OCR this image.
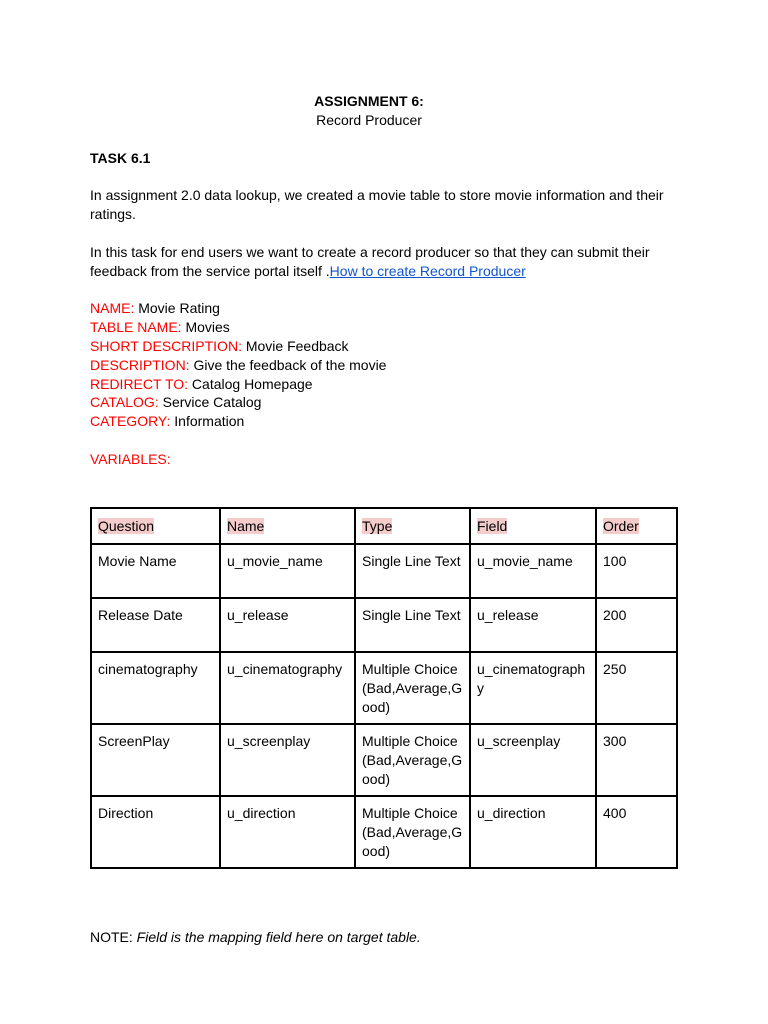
ASSIGNMENT 6:
Record Producer
TASK 6.1
In assignment 2.0 data lookup, we created a movie table to store movie information and their
ratings.
In this task for end users we want to create a record producer so that they can submit their
feedback from the service portal itself .How to create Record Producer
NAME: Movie Rating
TABLE NAME: Movies
SHORT DESCRIPTION: Movie Feedback
DESCRIPTION: Give the feedback of the movie
REDIRECT TO: Catalog Homepage
CATALOG: Service Catalog
CATEGORY: Information
VARIABLES:
Question	Name	Type	Field	Order
Movie Name	u_movie_name	Single Line Text	u_movie_name	100
Release Date	u_release	Single Line Text	u_release	200
cinematography	u_cinematography	Multiple Choice (Bad,Average,Good)	u_cinematography	250
ScreenPlay	u_screenplay	Multiple Choice (Bad,Average,Good)	u_screenplay	300
Direction	u_direction	Multiple Choice (Bad,Average,Good)	u_direction	400
NOTE: Field is the mapping field here on target table.
